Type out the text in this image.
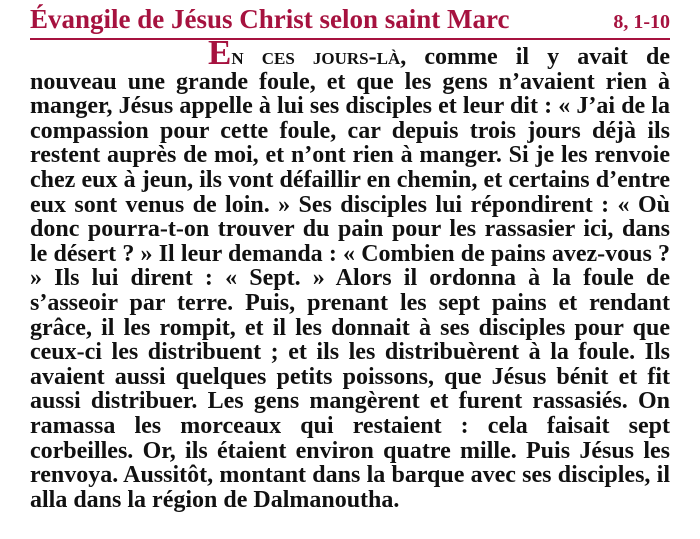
Évangile de Jésus Christ selon saint Marc	8, 1-10

En ces jours-là, comme il y avait de nouveau une grande foule, et que les gens n’avaient rien à manger, Jésus appelle à lui ses disciples et leur dit : « J’ai de la compassion pour cette foule, car depuis trois jours déjà ils restent auprès de moi, et n’ont rien à manger. Si je les renvoie chez eux à jeun, ils vont défaillir en chemin, et certains d’entre eux sont venus de loin. » Ses disciples lui répondirent : « Où donc pourra-t-on trouver du pain pour les rassasier ici, dans le désert ? » Il leur demanda : « Combien de pains avez-vous ? » Ils lui dirent : « Sept. » Alors il ordonna à la foule de s’asseoir par terre. Puis, prenant les sept pains et rendant grâce, il les rompit, et il les donnait à ses disciples pour que ceux-ci les distribuent ; et ils les distribuèrent à la foule. Ils avaient aussi quelques petits poissons, que Jésus bénit et fit aussi distribuer. Les gens mangèrent et furent rassasiés. On ramassa les morceaux qui restaient : cela faisait sept corbeilles. Or, ils étaient environ quatre mille. Puis Jésus les renvoya. Aussitôt, montant dans la barque avec ses disciples, il alla dans la région de Dalmanoutha.
